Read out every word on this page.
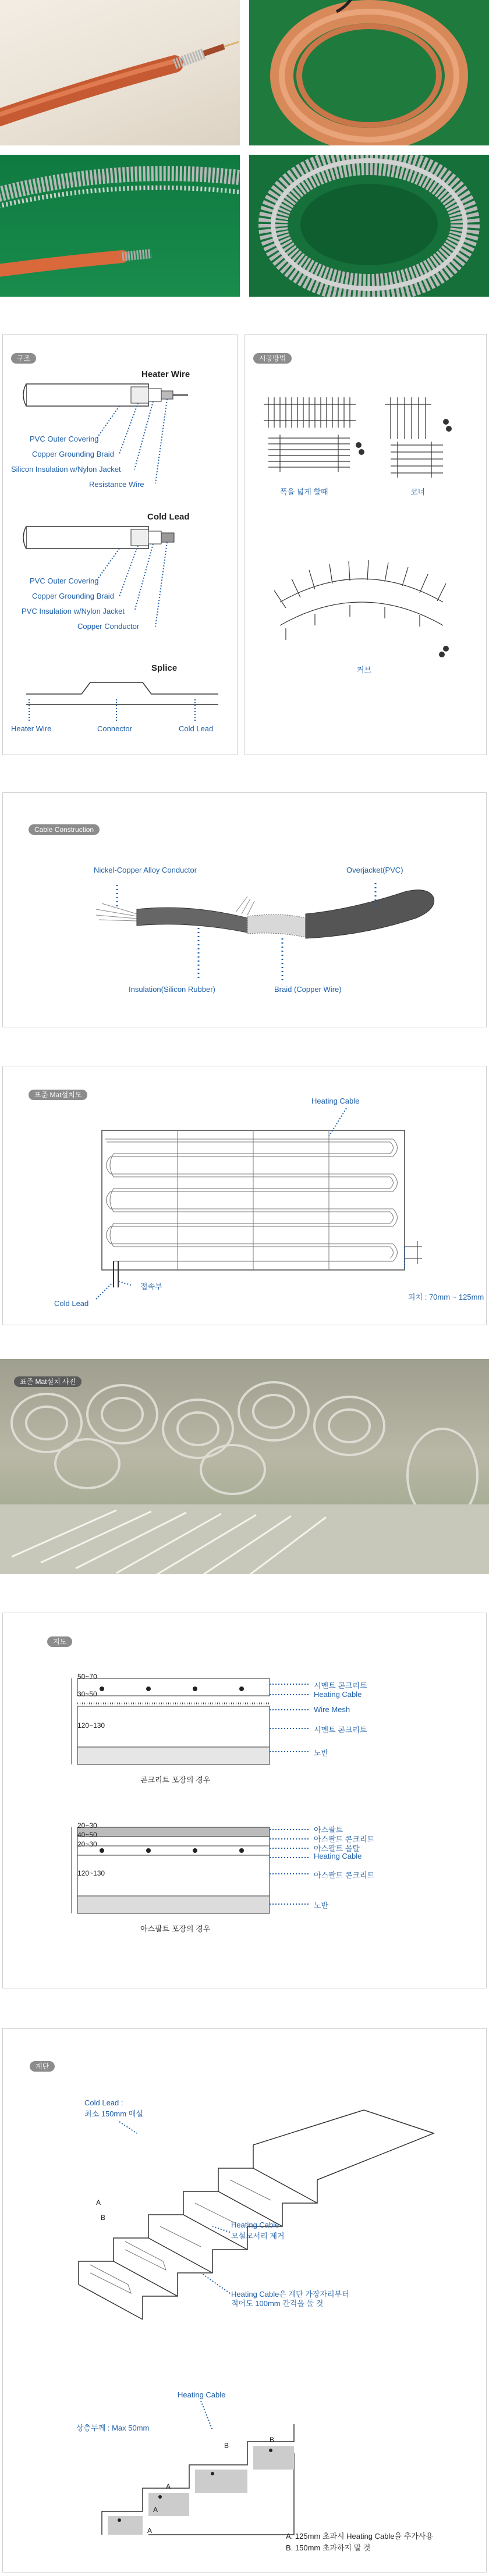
구조
Heater Wire
PVC Outer Covering
Copper Grounding Braid
Silicon Insulation w/Nylon Jacket
Resistance Wire
Cold Lead
PVC Outer Covering
Copper Grounding Braid
PVC Insulation w/Nylon Jacket
Copper Conductor
Splice
Heater Wire	Connector	Cold Lead
시공방법
폭을 넓게 할때	코너
커브
Cable Construction
Nickel-Copper Alloy Conductor	Overjacket(PVC)
Insulation(Silicon Rubber)	Braid (Copper Wire)
표준 Mat설치도
Heating Cable
Cold Lead
접속부
피치 : 70mm ~ 125mm
표준 Mat설치 사진
지도
50~70
30~50
120~130
시멘트 콘크리트
Heating Cable
Wire Mesh
시멘트 콘크리트
노반
콘크리트 포장의 경우
20~30
40~50
20~30
120~130
아스팔트
아스팔트 콘크리트
아스팔트 몰탈
Heating Cable
아스팔트 콘크리트
노반
아스팔트 포장의 경우
계단
Cold Lead :
최소 150mm 매설
Heating Cable
모설모서리 제거
Heating Cable은 계단 가장자리부터
적어도 100mm 간격을 둘 것
Heating Cable
상층두께 : Max 50mm
A. 125mm 초과시 Heating Cable을 추가사용
B. 150mm 초과하지 말 것
A
B
A
B
A
B
A
